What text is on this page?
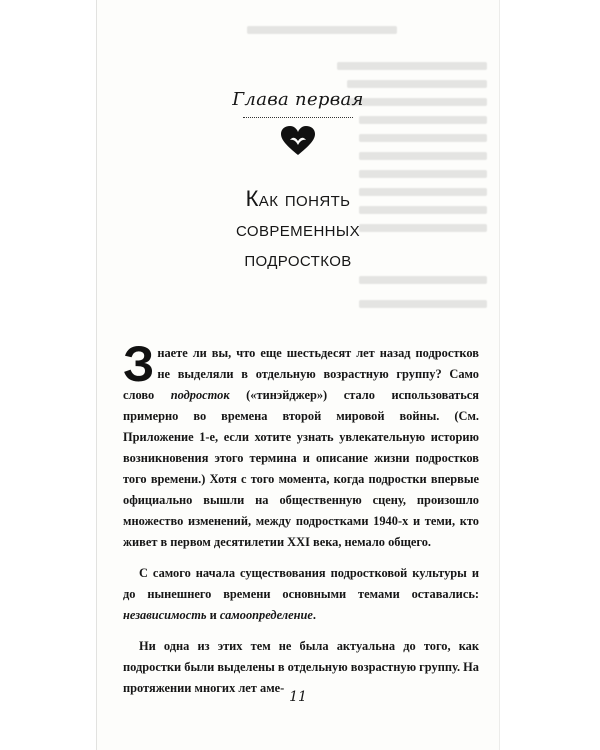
Глава первая
Как понять
современных
подростков

Знаете ли вы, что еще шестьдесят лет назад подростков не выделяли в отдельную возрастную группу? Само слово подросток («тинэйджер») стало использоваться примерно во времена второй мировой войны. (См. Приложение 1-е, если хотите узнать увлекательную историю возникновения этого термина и описание жизни подростков того времени.) Хотя с того момента, когда подростки впервые официально вышли на общественную сцену, произошло множество изменений, между подростками 1940-х и теми, кто живет в первом десятилетии XXI века, немало общего.

С самого начала существования подростковой культуры и до нынешнего времени основными темами оставались: независимость и самоопределение.

Ни одна из этих тем не была актуальна до того, как подростки были выделены в отдельную возрастную группу. На протяжении многих лет аме-

11
